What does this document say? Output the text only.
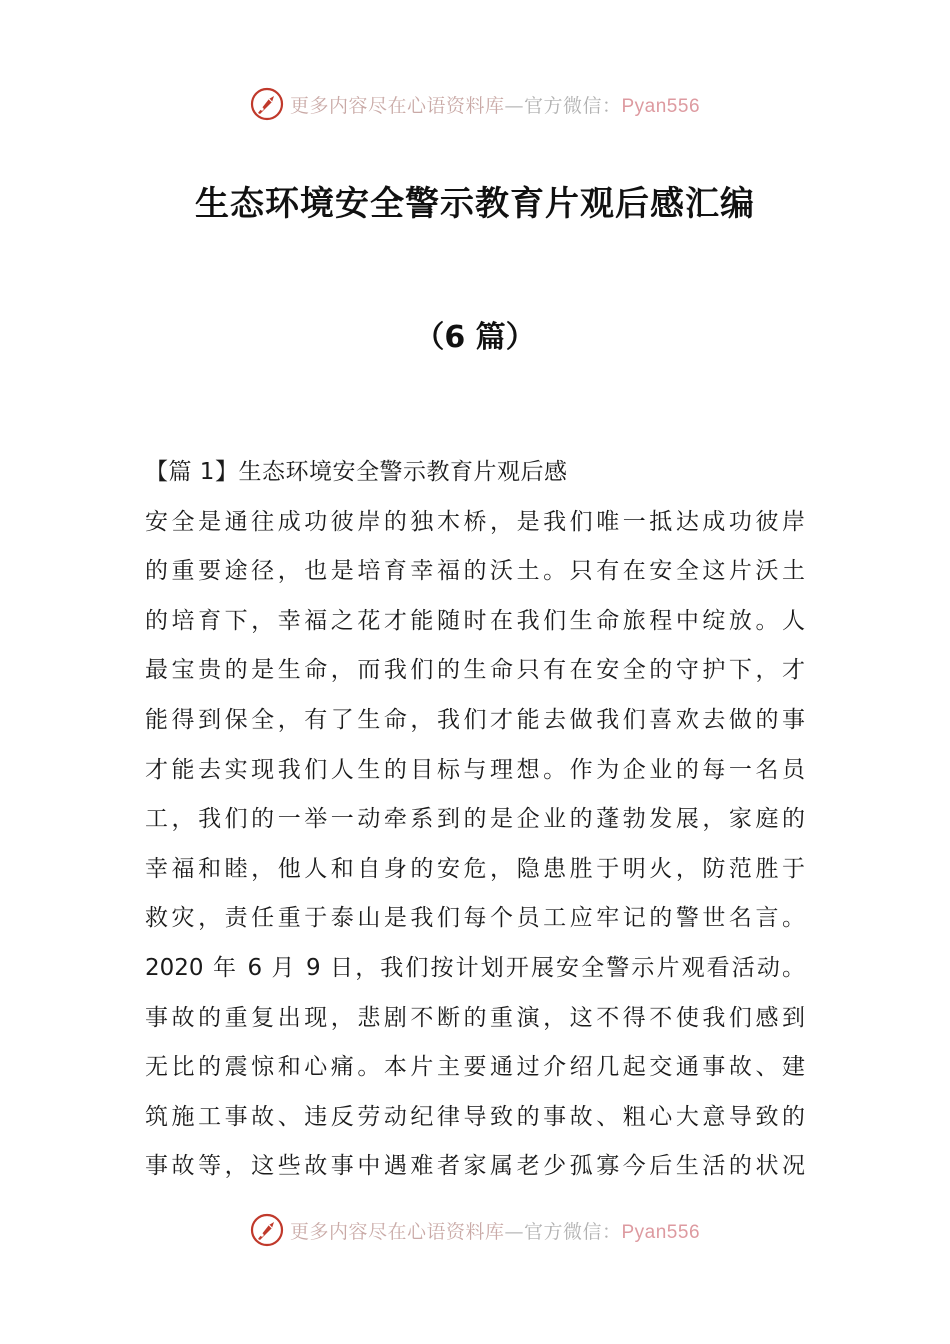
更多内容尽在心语资料库—官方微信：Pyan556
生态环境安全警示教育片观后感汇编
（6 篇）
【篇 1】生态环境安全警示教育片观后感
安全是通往成功彼岸的独木桥，是我们唯一抵达成功彼岸
的重要途径，也是培育幸福的沃土。只有在安全这片沃土
的培育下，幸福之花才能随时在我们生命旅程中绽放。人
最宝贵的是生命，而我们的生命只有在安全的守护下，才
能得到保全，有了生命，我们才能去做我们喜欢去做的事
才能去实现我们人生的目标与理想。作为企业的每一名员
工，我们的一举一动牵系到的是企业的蓬勃发展，家庭的
幸福和睦，他人和自身的安危，隐患胜于明火，防范胜于
救灾，责任重于泰山是我们每个员工应牢记的警世名言。
2020 年 6 月 9 日，我们按计划开展安全警示片观看活动。
事故的重复出现，悲剧不断的重演，这不得不使我们感到
无比的震惊和心痛。本片主要通过介绍几起交通事故、建
筑施工事故、违反劳动纪律导致的事故、粗心大意导致的
事故等，这些故事中遇难者家属老少孤寡今后生活的状况
更多内容尽在心语资料库—官方微信：Pyan556
